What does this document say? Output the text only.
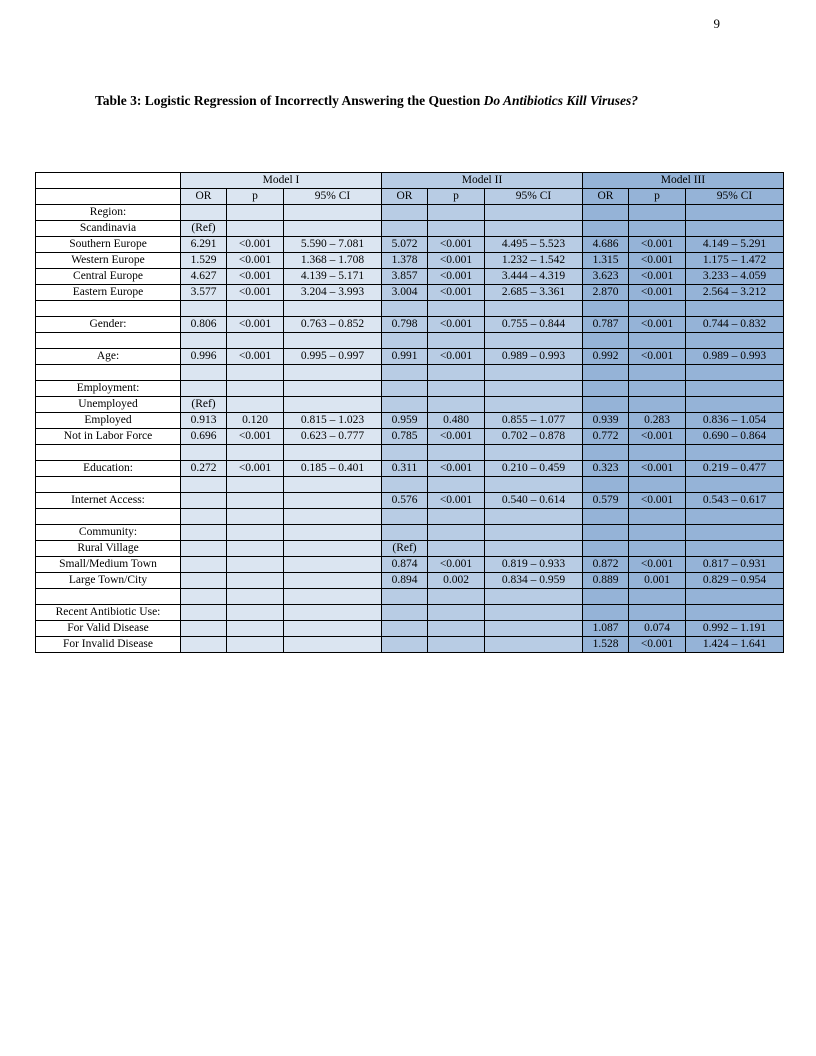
9
Table 3: Logistic Regression of Incorrectly Answering the Question Do Antibiotics Kill Viruses?
	Model I			Model II			Model III		
	OR	p	95% CI	OR	p	95% CI	OR	p	95% CI
Region:									
Scandinavia	(Ref)								
Southern Europe	6.291	<0.001	5.590 – 7.081	5.072	<0.001	4.495 – 5.523	4.686	<0.001	4.149 – 5.291
Western Europe	1.529	<0.001	1.368 – 1.708	1.378	<0.001	1.232 – 1.542	1.315	<0.001	1.175 – 1.472
Central Europe	4.627	<0.001	4.139 – 5.171	3.857	<0.001	3.444 – 4.319	3.623	<0.001	3.233 – 4.059
Eastern Europe	3.577	<0.001	3.204 – 3.993	3.004	<0.001	2.685 – 3.361	2.870	<0.001	2.564 – 3.212

Gender:	0.806	<0.001	0.763 – 0.852	0.798	<0.001	0.755 – 0.844	0.787	<0.001	0.744 – 0.832

Age:	0.996	<0.001	0.995 – 0.997	0.991	<0.001	0.989 – 0.993	0.992	<0.001	0.989 – 0.993

Employment:									
Unemployed	(Ref)								
Employed	0.913	0.120	0.815 – 1.023	0.959	0.480	0.855 – 1.077	0.939	0.283	0.836 – 1.054
Not in Labor Force	0.696	<0.001	0.623 – 0.777	0.785	<0.001	0.702 – 0.878	0.772	<0.001	0.690 – 0.864

Education:	0.272	<0.001	0.185 – 0.401	0.311	<0.001	0.210 – 0.459	0.323	<0.001	0.219 – 0.477

Internet Access:				0.576	<0.001	0.540 – 0.614	0.579	<0.001	0.543 – 0.617

Community:									
Rural Village				(Ref)					
Small/Medium Town				0.874	<0.001	0.819 – 0.933	0.872	<0.001	0.817 – 0.931
Large Town/City				0.894	0.002	0.834 – 0.959	0.889	0.001	0.829 – 0.954

Recent Antibiotic Use:									
For Valid Disease							1.087	0.074	0.992 – 1.191
For Invalid Disease							1.528	<0.001	1.424 – 1.641
